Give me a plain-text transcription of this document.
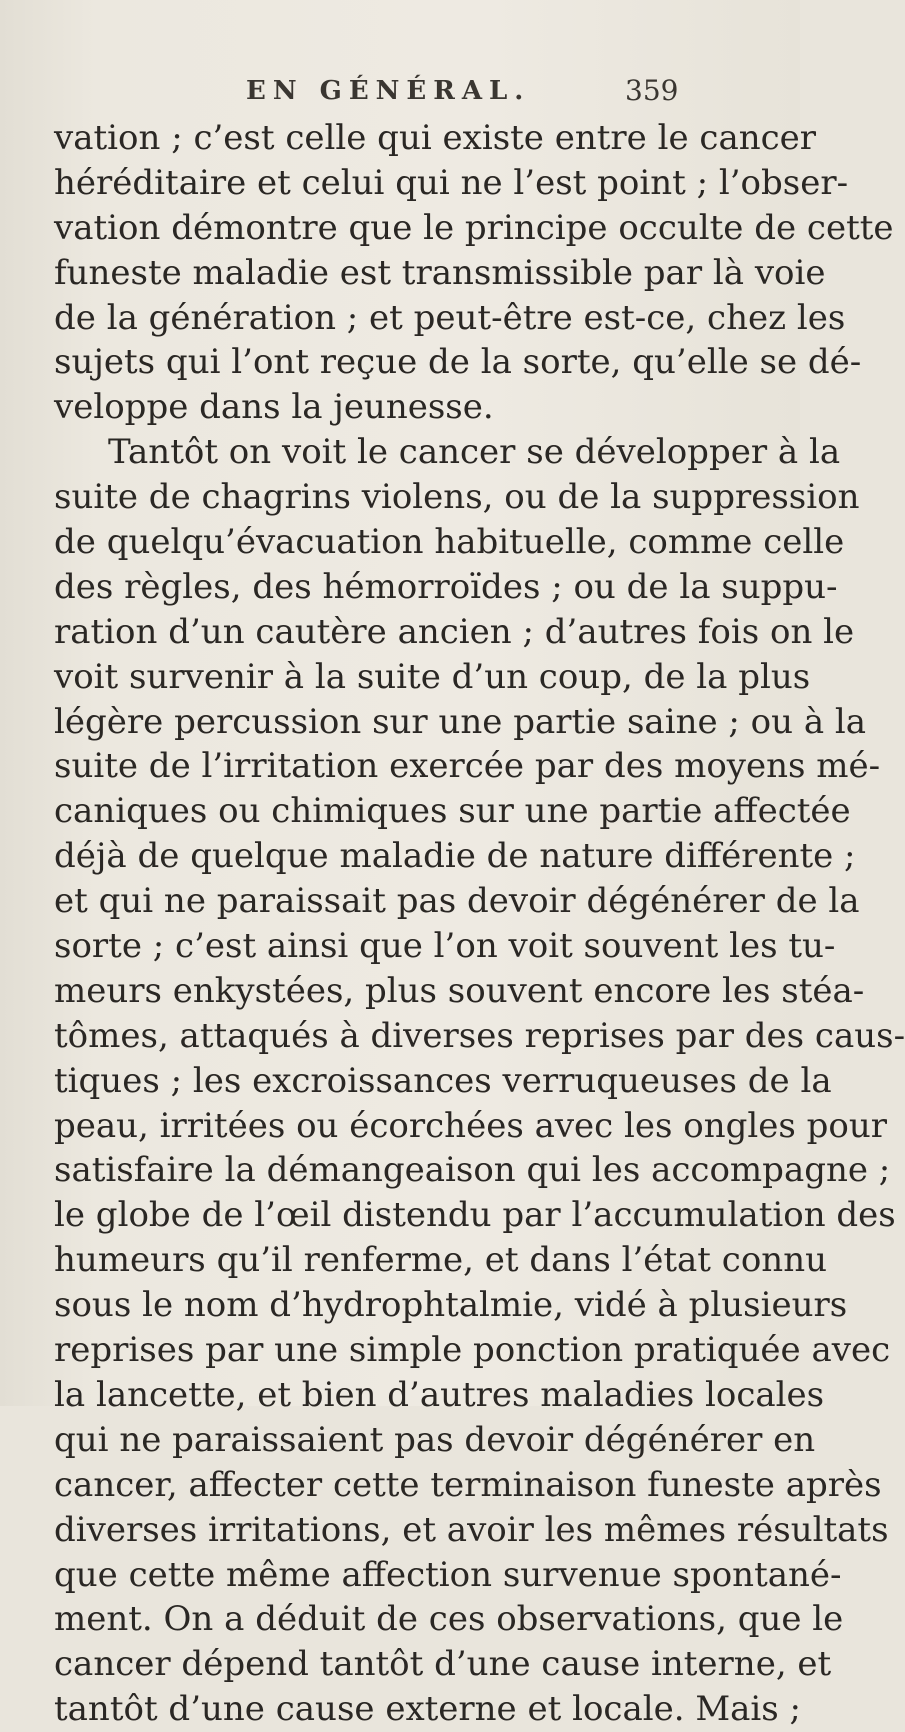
EN GÉNÉRAL.	359
vation ; c’est celle qui existe entre le cancer
héréditaire et celui qui ne l’est point ; l’obser-
vation démontre que le principe occulte de cette
funeste maladie est transmissible par là voie
de la génération ; et peut-être est-ce, chez les
sujets qui l’ont reçue de la sorte, qu’elle se dé-
veloppe dans la jeunesse.
Tantôt on voit le cancer se développer à la
suite de chagrins violens, ou de la suppression
de quelqu’évacuation habituelle, comme celle
des règles, des hémorroïdes ; ou de la suppu-
ration d’un cautère ancien ; d’autres fois on le
voit survenir à la suite d’un coup, de la plus
légère percussion sur une partie saine ; ou à la
suite de l’irritation exercée par des moyens mé-
caniques ou chimiques sur une partie affectée
déjà de quelque maladie de nature différente ;
et qui ne paraissait pas devoir dégénérer de la
sorte ; c’est ainsi que l’on voit souvent les tu-
meurs enkystées, plus souvent encore les stéa-
tômes, attaqués à diverses reprises par des caus-
tiques ; les excroissances verruqueuses de la
peau, irritées ou écorchées avec les ongles pour
satisfaire la démangeaison qui les accompagne ;
le globe de l’œil distendu par l’accumulation des
humeurs qu’il renferme, et dans l’état connu
sous le nom d’hydrophtalmie, vidé à plusieurs
reprises par une simple ponction pratiquée avec
la lancette, et bien d’autres maladies locales
qui ne paraissaient pas devoir dégénérer en
cancer, affecter cette terminaison funeste après
diverses irritations, et avoir les mêmes résultats
que cette même affection survenue spontané-
ment. On a déduit de ces observations, que le
cancer dépend tantôt d’une cause interne, et
tantôt d’une cause externe et locale. Mais ;
